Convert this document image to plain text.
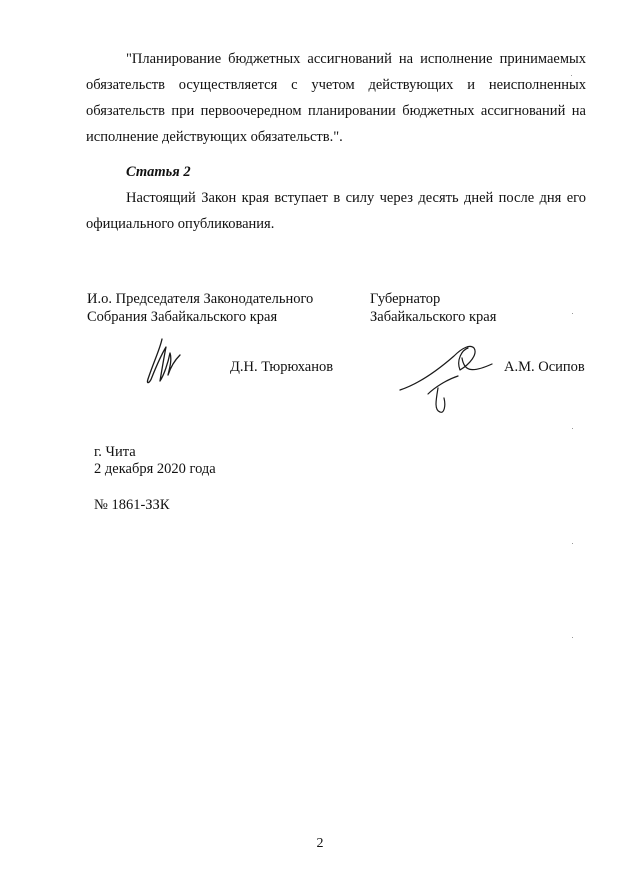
"Планирование бюджетных ассигнований на исполнение принимаемых обязательств осуществляется с учетом действующих и неисполненных обязательств при первоочередном планировании бюджетных ассигнований на исполнение действующих обязательств.".

Статья 2

Настоящий Закон края вступает в силу через десять дней после дня его официального опубликования.

И.о. Председателя Законодательного
Собрания Забайкальского края
Д.Н. Тюрюханов
Губернатор
Забайкальского края
А.М. Осипов
г. Чита
2 декабря 2020 года
№ 1861-ЗЗК
2
